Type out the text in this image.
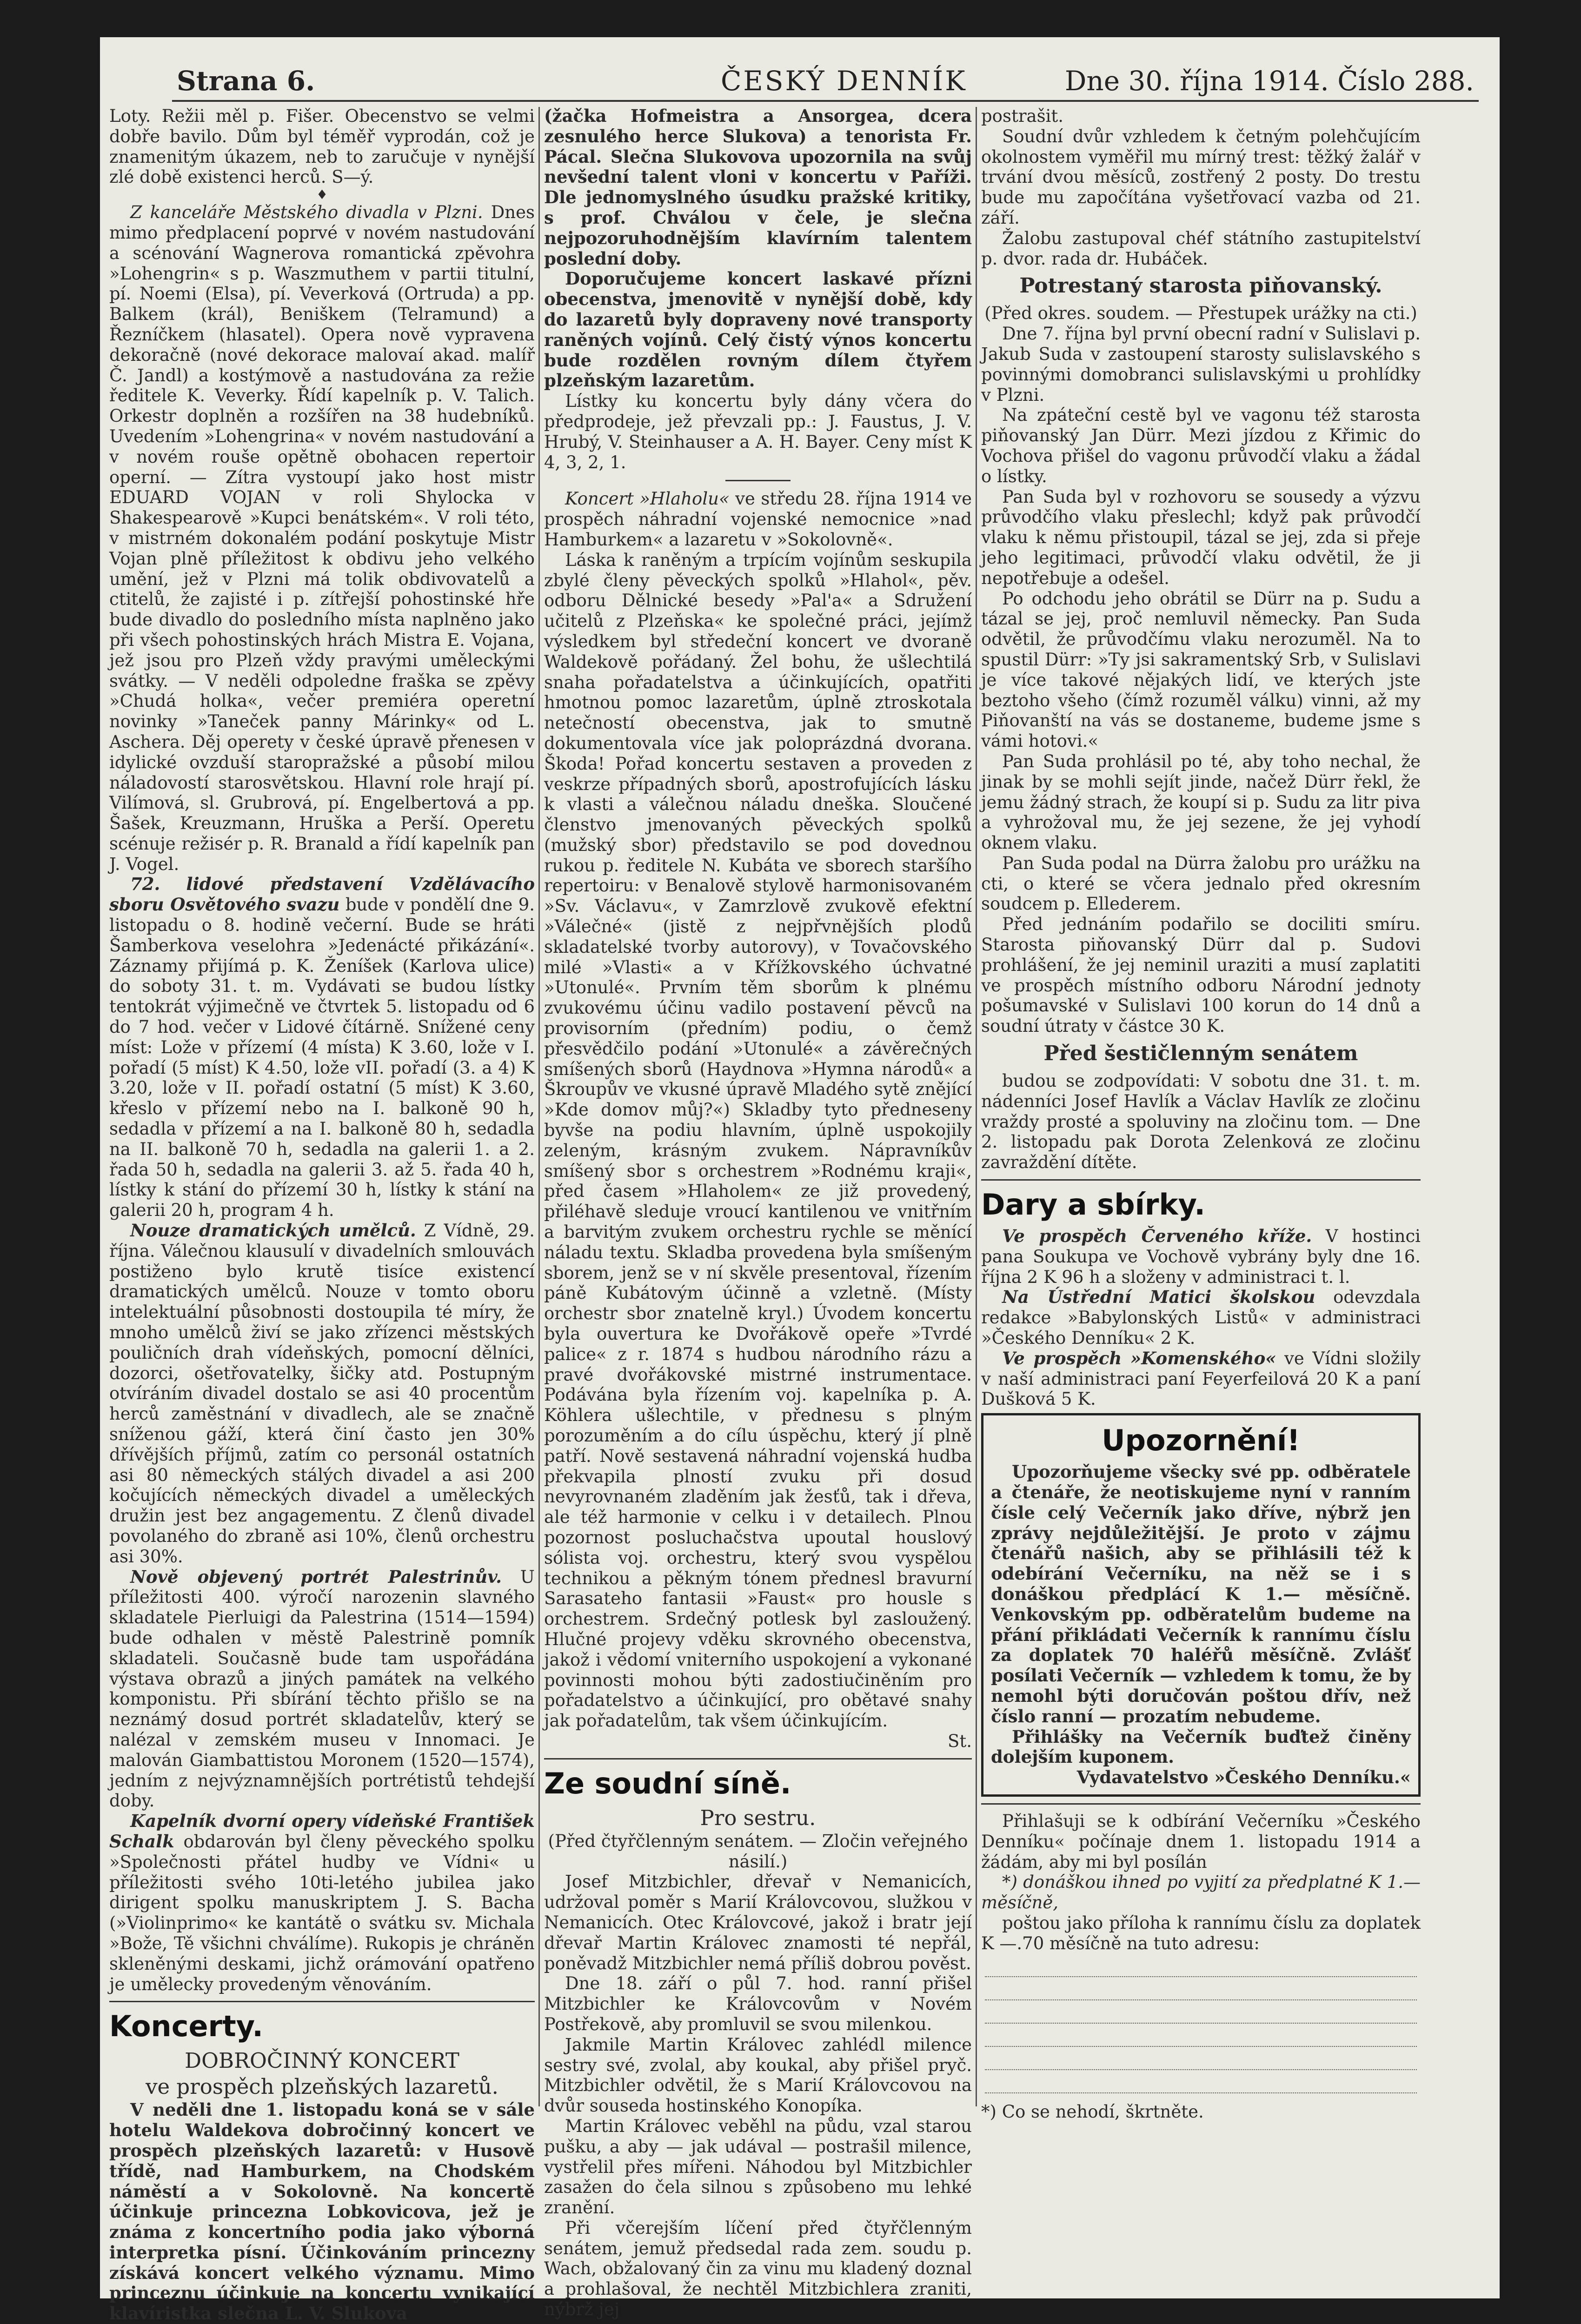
Strana 6.	ČESKÝ DENNÍK	Dne 30. října 1914. Číslo 288.

Loty. Režii měl p. Fišer. Obecenstvo se velmi dobře bavilo. Dům byl téměř vyprodán, což je znamenitým úkazem, neb to zaručuje v nynější zlé době existenci herců. S—ý.

♦

Z kanceláře Městského divadla v Plzni. Dnes mimo předplacení poprvé v novém nastudování a scénování Wagnerova romantická zpěvohra »Lohengrin« s p. Waszmuthem v partii titulní, pí. Noemi (Elsa), pí. Veverková (Ortruda) a pp. Balkem (král), Beniškem (Telramund) a Řezníčkem (hlasatel). Opera nově vypravena dekoračně (nové dekorace malovaí akad. malíř Č. Jandl) a kostýmově a nastudována za režie ředitele K. Veverky. Řídí kapelník p. V. Talich. Orkestr doplněn a rozšířen na 38 hudebníků. Uvedením »Lohengrina« v novém nastudování a v novém rouše opětně obohacen repertoir operní. — Zítra vystoupí jako host mistr EDUARD VOJAN v roli Shylocka v Shakespearově »Kupci benátském«. V roli této, v mistrném dokonalém podání poskytuje Mistr Vojan plně příležitost k obdivu jeho velkého umění, jež v Plzni má tolik obdivovatelů a ctitelů, že zajisté i p. zítřejší pohostinské hře bude divadlo do posledního místa naplněno jako při všech pohostinských hrách Mistra E. Vojana, jež jsou pro Plzeň vždy pravými uměleckými svátky. — V neděli odpoledne fraška se zpěvy »Chudá holka«, večer premiéra operetní novinky »Taneček panny Márinky« od L. Aschera. Děj operety v české úpravě přenesen v idylické ovzduší staropražské a působí milou náladovostí starosvětskou. Hlavní role hrají pí. Vilímová, sl. Grubrová, pí. Engelbertová a pp. Šašek, Kreuzmann, Hruška a Perší. Operetu scénuje režisér p. R. Branald a řídí kapelník pan J. Vogel.

72. lidové představení Vzdělávacího sboru Osvětového svazu bude v pondělí dne 9. listopadu o 8. hodině večerní. Bude se hráti Šamberkova veselohra »Jedenácté přikázání«. Záznamy přijímá p. K. Ženíšek (Karlova ulice) do soboty 31. t. m. Vydávati se budou lístky tentokrát výjimečně ve čtvrtek 5. listopadu od 6 do 7 hod. večer v Lidové čítárně. Snížené ceny míst: Lože v přízemí (4 místa) K 3.60, lože v I. pořadí (5 míst) K 4.50, lože vII. pořadí (3. a 4) K 3.20, lože v II. pořadí ostatní (5 míst) K 3.60, křeslo v přízemí nebo na I. balkoně 90 h, sedadla v přízemí a na I. balkoně 80 h, sedadla na II. balkoně 70 h, sedadla na galerii 1. a 2. řada 50 h, sedadla na galerii 3. až 5. řada 40 h, lístky k stání do přízemí 30 h, lístky k stání na galerii 20 h, program 4 h.

Nouze dramatických umělců. Z Vídně, 29. října. Válečnou klausulí v divadelních smlouvách postiženo bylo krutě tisíce existencí dramatických umělců. Nouze v tomto oboru intelektuální působnosti dostoupila té míry, že mnoho umělců živí se jako zřízenci městských pouličních drah vídeňských, pomocní dělníci, dozorci, ošetřovatelky, šičky atd. Postupným otvíráním divadel dostalo se asi 40 procentům herců zaměstnání v divadlech, ale se značně sníženou gáží, která činí často jen 30% dřívějších příjmů, zatím co personál ostatních asi 80 německých stálých divadel a asi 200 kočujících německých divadel a uměleckých družin jest bez angagementu. Z členů divadel povolaného do zbraně asi 10%, členů orchestru asi 30%.

Nově objevený portrét Palestrinův. U příležitosti 400. výročí narozenin slavného skladatele Pierluigi da Palestrina (1514—1594) bude odhalen v městě Palestrině pomník skladateli. Současně bude tam uspořádána výstava obrazů a jiných památek na velkého komponistu. Při sbírání těchto přišlo se na neznámý dosud portrét skladatelův, který se nalézal v zemském museu v Innomaci. Je malován Giambattistou Moronem (1520—1574), jedním z nejvýznamnějších portrétistů tehdejší doby.

Kapelník dvorní opery vídeňské František Schalk obdarován byl členy pěveckého spolku »Společnosti přátel hudby ve Vídni« u příležitosti svého 10ti-letého jubilea jako dirigent spolku manuskriptem J. S. Bacha (»Violinprimo« ke kantátě o svátku sv. Michala »Bože, Tě všichni chválíme). Rukopis je chráněn skleněnými deskami, jichž orámování opatřeno je umělecky provedeným věnováním.

Koncerty.

DOBROČINNÝ KONCERT

ve prospěch plzeňských lazaretů.

V neděli dne 1. listopadu koná se v sále hotelu Waldekova dobročinný koncert ve prospěch plzeňských lazaretů: v Husově třídě, nad Hamburkem, na Chodském náměstí a v Sokolovně. Na koncertě účinkuje princezna Lobkovicova, jež je známa z koncertního podia jako výborná interpretka písní. Účinkováním princezny získává koncert velkého významu. Mimo princeznu účinkuje na koncertu vynikající klavíristka slečna L. V. Slukova

(žačka Hofmeistra a Ansorgea, dcera zesnulého herce Slukova) a tenorista Fr. Pácal. Slečna Slukovova upozornila na svůj nevšední talent vloni v koncertu v Paříži. Dle jednomyslného úsudku pražské kritiky, s prof. Chválou v čele, je slečna nejpozoruhodnějším klavírním talentem poslední doby.

Doporučujeme koncert laskavé přízni obecenstva, jmenovitě v nynější době, kdy do lazaretů byly dopraveny nové transporty raněných vojínů. Celý čistý výnos koncertu bude rozdělen rovným dílem čtyřem plzeňským lazaretům.

Lístky ku koncertu byly dány včera do předprodeje, jež převzali pp.: J. Faustus, J. V. Hrubý, V. Steinhauser a A. H. Bayer. Ceny míst K 4, 3, 2, 1.

Koncert »Hlaholu« ve středu 28. října 1914 ve prospěch náhradní vojenské nemocnice »nad Hamburkem« a lazaretu v »Sokolovně«.

Láska k raněným a trpícím vojínům seskupila zbylé členy pěveckých spolků »Hlahol«, pěv. odboru Dělnické besedy »Pal'a« a Sdružení učitelů z Plzeňska« ke společné práci, jejímž výsledkem byl středeční koncert ve dvoraně Waldekově pořádaný. Žel bohu, že ušlechtilá snaha pořadatelstva a účinkujících, opatřiti hmotnou pomoc lazaretům, úplně ztroskotala netečností obecenstva, jak to smutně dokumentovala více jak poloprázdná dvorana. Škoda! Pořad koncertu sestaven a proveden z veskrze případných sborů, apostrofujících lásku k vlasti a válečnou náladu dneška. Sloučené členstvo jmenovaných pěveckých spolků (mužský sbor) představilo se pod dovednou rukou p. ředitele N. Kubáta ve sborech staršího repertoiru: v Benalově stylově harmonisovaném »Sv. Václavu«, v Zamrzlově zvukově efektní »Válečné« (jistě z nejpřvnějších plodů skladatelské tvorby autorovy), v Tovačovského milé »Vlasti« a v Křížkovského úchvatné »Utonulé«. Prvním těm sborům k plnému zvukovému účinu vadilo postavení pěvců na provisorním (předním) podiu, o čemž přesvědčilo podání »Utonulé« a závěrečných smíšených sborů (Haydnova »Hymna národů« a Škroupův ve vkusné úpravě Mladého sytě znějící »Kde domov můj?«) Skladby tyto předneseny byvše na podiu hlavním, úplně uspokojily zeleným, krásným zvukem. Nápravníkův smíšený sbor s orchestrem »Rodnému kraji«, před časem »Hlaholem« ze již provedený, přiléhavě sleduje vroucí kantilenou ve vnitřním a barvitým zvukem orchestru rychle se měnící náladu textu. Skladba provedena byla smíšeným sborem, jenž se v ní skvěle presentoval, řízením páně Kubátovým účinně a vzletně. (Místy orchestr sbor znatelně kryl.) Úvodem koncertu byla ouvertura ke Dvořákově opeře »Tvrdé palice« z r. 1874 s hudbou národního rázu a pravé dvořákovské mistrné instrumentace. Podávána byla řízením voj. kapelníka p. A. Köhlera ušlechtile, v přednesu s plným porozuměním a do cílu úspěchu, který jí plně patří. Nově sestavená náhradní vojenská hudba překvapila plností zvuku při dosud nevyrovnaném zladěním jak žesťů, tak i dřeva, ale též harmonie v celku i v detailech. Plnou pozornost posluchačstva upoutal houslový sólista voj. orchestru, který svou vyspělou technikou a pěkným tónem přednesl bravurní Sarasateho fantasii »Faust« pro housle s orchestrem. Srdečný potlesk byl zasloužený. Hlučné projevy vděku skrovného obecenstva, jakož i vědomí vniterního uspokojení a vykonané povinnosti mohou býti zadostiučiněním pro pořadatelstvo a účinkující, pro obětavé snahy jak pořadatelům, tak všem účinkujícím.

St.

Ze soudní síně.

Pro sestru.

(Před čtyřčlenným senátem. — Zločin veřejného násilí.)

Josef Mitzbichler, dřevař v Nemanicích, udržoval poměr s Marií Královcovou, služkou v Nemanicích. Otec Královcové, jakož i bratr její dřevař Martin Královec znamosti té nepřál, poněvadž Mitzbichler nemá příliš dobrou pověst.

Dne 18. září o půl 7. hod. ranní přišel Mitzbichler ke Královcovům v Novém Postřekově, aby promluvil se svou milenkou.

Jakmile Martin Královec zahlédl milence sestry své, zvolal, aby koukal, aby přišel pryč. Mitzbichler odvětil, že s Marií Královcovou na dvůr souseda hostinského Konopíka.

Martin Královec veběhl na půdu, vzal starou pušku, a aby — jak udával — postrašil milence, vystřelil přes mířeni. Náhodou byl Mitzbichler zasažen do čela silnou s způsobeno mu lehké zranění.

Při včerejším líčení před čtyřčlenným senátem, jemuž předsedal rada zem. soudu p. Wach, obžalovaný čin za vinu mu kladený doznal a prohlašoval, že nechtěl Mitzbichlera zraniti, nýbrž jej

postrašit.

Soudní dvůr vzhledem k četným polehčujícím okolnostem vyměřil mu mírný trest: těžký žalář v trvání dvou měsíců, zostřený 2 posty. Do trestu bude mu započítána vyšetřovací vazba od 21. září.

Žalobu zastupoval chéf státního zastupitelství p. dvor. rada dr. Hubáček.

Potrestaný starosta piňovanský.

(Před okres. soudem. — Přestupek urážky na cti.)

Dne 7. října byl první obecní radní v Sulislavi p. Jakub Suda v zastoupení starosty sulislavského s povinnými domobranci sulislavskými u prohlídky v Plzni.

Na zpáteční cestě byl ve vagonu též starosta piňovanský Jan Dürr. Mezi jízdou z Křimic do Vochova přišel do vagonu průvodčí vlaku a žádal o lístky.

Pan Suda byl v rozhovoru se sousedy a výzvu průvodčího vlaku přeslechl; když pak průvodčí vlaku k němu přistoupil, tázal se jej, zda si přeje jeho legitimaci, průvodčí vlaku odvětil, že ji nepotřebuje a odešel.

Po odchodu jeho obrátil se Dürr na p. Sudu a tázal se jej, proč nemluvil německy. Pan Suda odvětil, že průvodčímu vlaku nerozuměl. Na to spustil Dürr: »Ty jsi sakramentský Srb, v Sulislavi je více takové nějakých lidí, ve kterých jste beztoho všeho (čímž rozuměl válku) vinni, až my Piňovanští na vás se dostaneme, budeme jsme s vámi hotovi.«

Pan Suda prohlásil po té, aby toho nechal, že jinak by se mohli sejít jinde, načež Dürr řekl, že jemu žádný strach, že koupí si p. Sudu za litr piva a vyhrožoval mu, že jej sezene, že jej vyhodí oknem vlaku.

Pan Suda podal na Dürra žalobu pro urážku na cti, o které se včera jednalo před okresním soudcem p. Ellederem.

Před jednáním podařilo se dociliti smíru. Starosta piňovanský Dürr dal p. Sudovi prohlášení, že jej neminil uraziti a musí zaplatiti ve prospěch místního odboru Národní jednoty pošumavské v Sulislavi 100 korun do 14 dnů a soudní útraty v částce 30 K.

Před šestičlenným senátem

budou se zodpovídati: V sobotu dne 31. t. m. nádenníci Josef Havlík a Václav Havlík ze zločinu vraždy prosté a spoluviny na zločinu tom. — Dne 2. listopadu pak Dorota Zelenková ze zločinu zavraždění dítěte.

Dary a sbírky.

Ve prospěch Červeného kříže. V hostinci pana Soukupa ve Vochově vybrány byly dne 16. října 2 K 96 h a složeny v administraci t. l.

Na Ústřední Matici školskou odevzdala redakce »Babylonských Listů« v administraci »Českého Denníku« 2 K.

Ve prospěch »Komenského« ve Vídni složily v naší administraci paní Feyerfeilová 20 K a paní Dušková 5 K.

Upozornění!

Upozorňujeme všecky své pp. odběratele a čtenáře, že neotiskujeme nyní v ranním čísle celý Večerník jako dříve, nýbrž jen zprávy nejdůležitější. Je proto v zájmu čtenářů našich, aby se přihlásili též k odebírání Večerníku, na něž se i s donáškou předplácí K 1.— měsíčně. Venkovským pp. odběratelům budeme na přání přikládati Večerník k rannímu číslu za doplatek 70 haléřů měsíčně. Zvlášť posílati Večerník — vzhledem k tomu, že by nemohl býti doručován poštou dřív, než číslo ranní — prozatím nebudeme.

Přihlášky na Večerník buďtež činěny dolejším kuponem.

Vydavatelstvo »Českého Denníku.«

Přihlašuji se k odbírání Večerníku »Českého Denníku« počínaje dnem 1. listopadu 1914 a žádám, aby mi byl posílán

*) donáškou ihned po vyjití za předplatné K 1.— měsíčně,

poštou jako příloha k rannímu číslu za doplatek K —.70 měsíčně na tuto adresu:

*) Co se nehodí, škrtněte.
